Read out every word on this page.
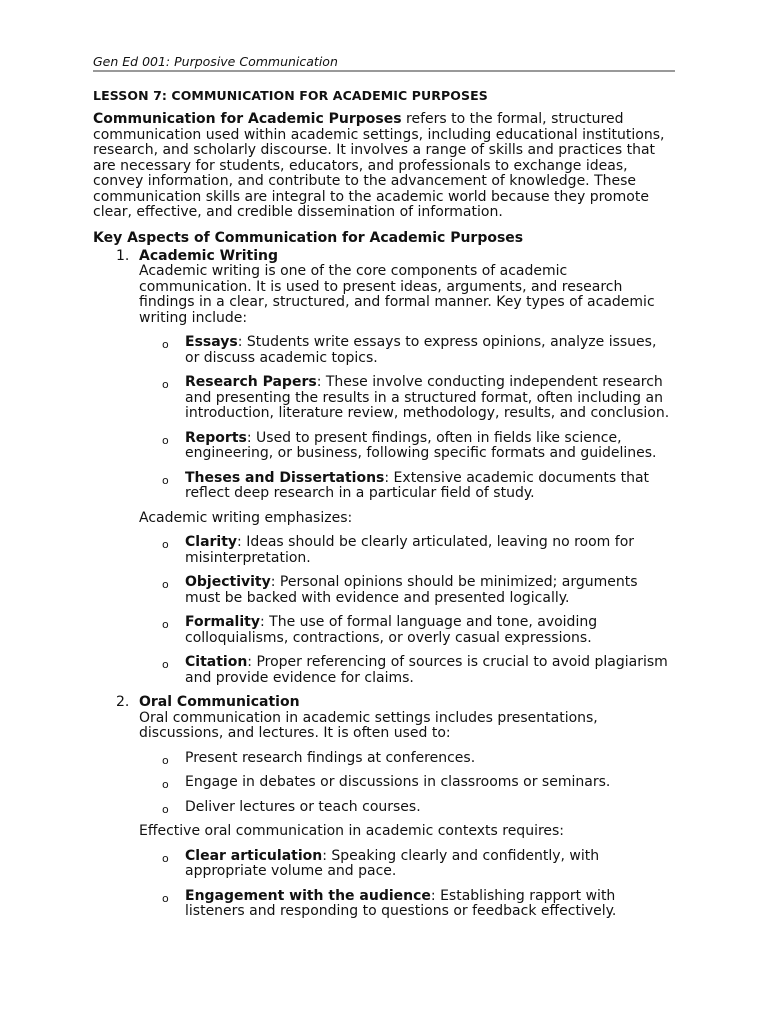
Gen Ed 001: Purposive Communication
LESSON 7: COMMUNICATION FOR ACADEMIC PURPOSES
Communication for Academic Purposes refers to the formal, structured communication used within academic settings, including educational institutions, research, and scholarly discourse. It involves a range of skills and practices that are necessary for students, educators, and professionals to exchange ideas, convey information, and contribute to the advancement of knowledge. These communication skills are integral to the academic world because they promote clear, effective, and credible dissemination of information.
Key Aspects of Communication for Academic Purposes
1. Academic Writing
Academic writing is one of the core components of academic communication. It is used to present ideas, arguments, and research findings in a clear, structured, and formal manner. Key types of academic writing include:
o Essays: Students write essays to express opinions, analyze issues, or discuss academic topics.
o Research Papers: These involve conducting independent research and presenting the results in a structured format, often including an introduction, literature review, methodology, results, and conclusion.
o Reports: Used to present findings, often in fields like science, engineering, or business, following specific formats and guidelines.
o Theses and Dissertations: Extensive academic documents that reflect deep research in a particular field of study.
Academic writing emphasizes:
o Clarity: Ideas should be clearly articulated, leaving no room for misinterpretation.
o Objectivity: Personal opinions should be minimized; arguments must be backed with evidence and presented logically.
o Formality: The use of formal language and tone, avoiding colloquialisms, contractions, or overly casual expressions.
o Citation: Proper referencing of sources is crucial to avoid plagiarism and provide evidence for claims.
2. Oral Communication
Oral communication in academic settings includes presentations, discussions, and lectures. It is often used to:
o Present research findings at conferences.
o Engage in debates or discussions in classrooms or seminars.
o Deliver lectures or teach courses.
Effective oral communication in academic contexts requires:
o Clear articulation: Speaking clearly and confidently, with appropriate volume and pace.
o Engagement with the audience: Establishing rapport with listeners and responding to questions or feedback effectively.
